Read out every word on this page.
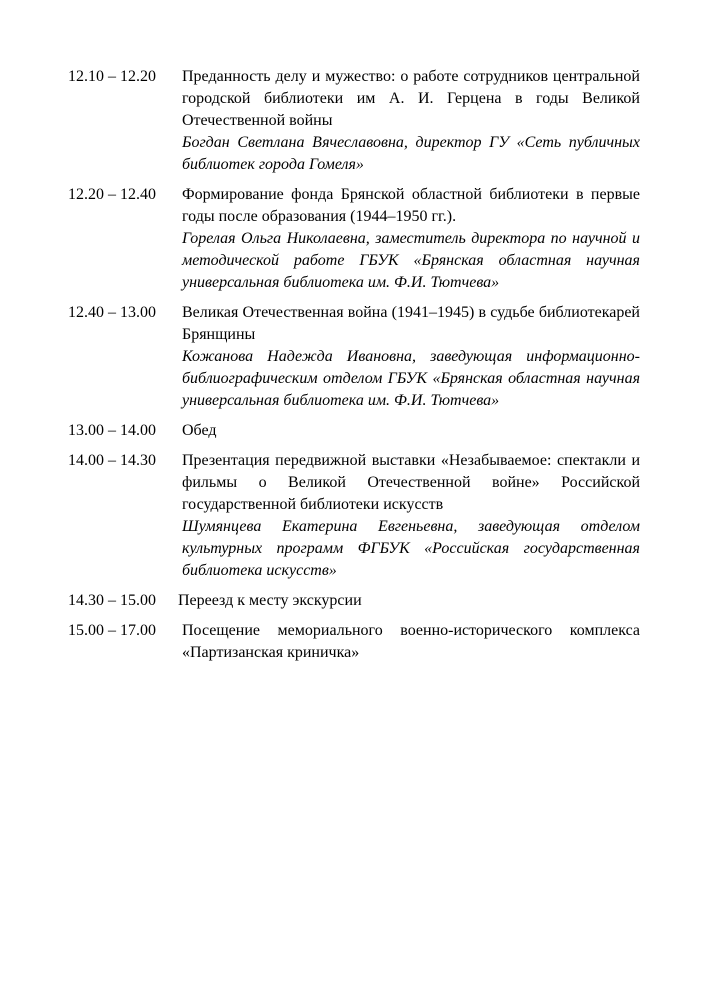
12.10 – 12.20	Преданность делу и мужество: о работе сотрудников центральной городской библиотеки им А. И. Герцена в годы Великой Отечественной войны
Богдан Светлана Вячеславовна, директор ГУ «Сеть публичных библиотек города Гомеля»
12.20 – 12.40	Формирование фонда Брянской областной библиотеки в первые годы после образования (1944–1950 гг.).
Горелая Ольга Николаевна, заместитель директора по научной и методической работе ГБУК «Брянская областная научная универсальная библиотека им. Ф.И. Тютчева»
12.40 – 13.00	Великая Отечественная война (1941–1945) в судьбе библиотекарей Брянщины
Кожанова Надежда Ивановна, заведующая информационно-библиографическим отделом ГБУК «Брянская областная научная универсальная библиотека им. Ф.И. Тютчева»
13.00 – 14.00	Обед
14.00 – 14.30	Презентация передвижной выставки «Незабываемое: спектакли и фильмы о Великой Отечественной войне» Российской государственной библиотеки искусств
Шумянцева Екатерина Евгеньевна, заведующая отделом культурных программ ФГБУК «Российская государственная библиотека искусств»
14.30 – 15.00	Переезд к месту экскурсии
15.00 – 17.00	Посещение мемориального военно-исторического комплекса «Партизанская криничка»
